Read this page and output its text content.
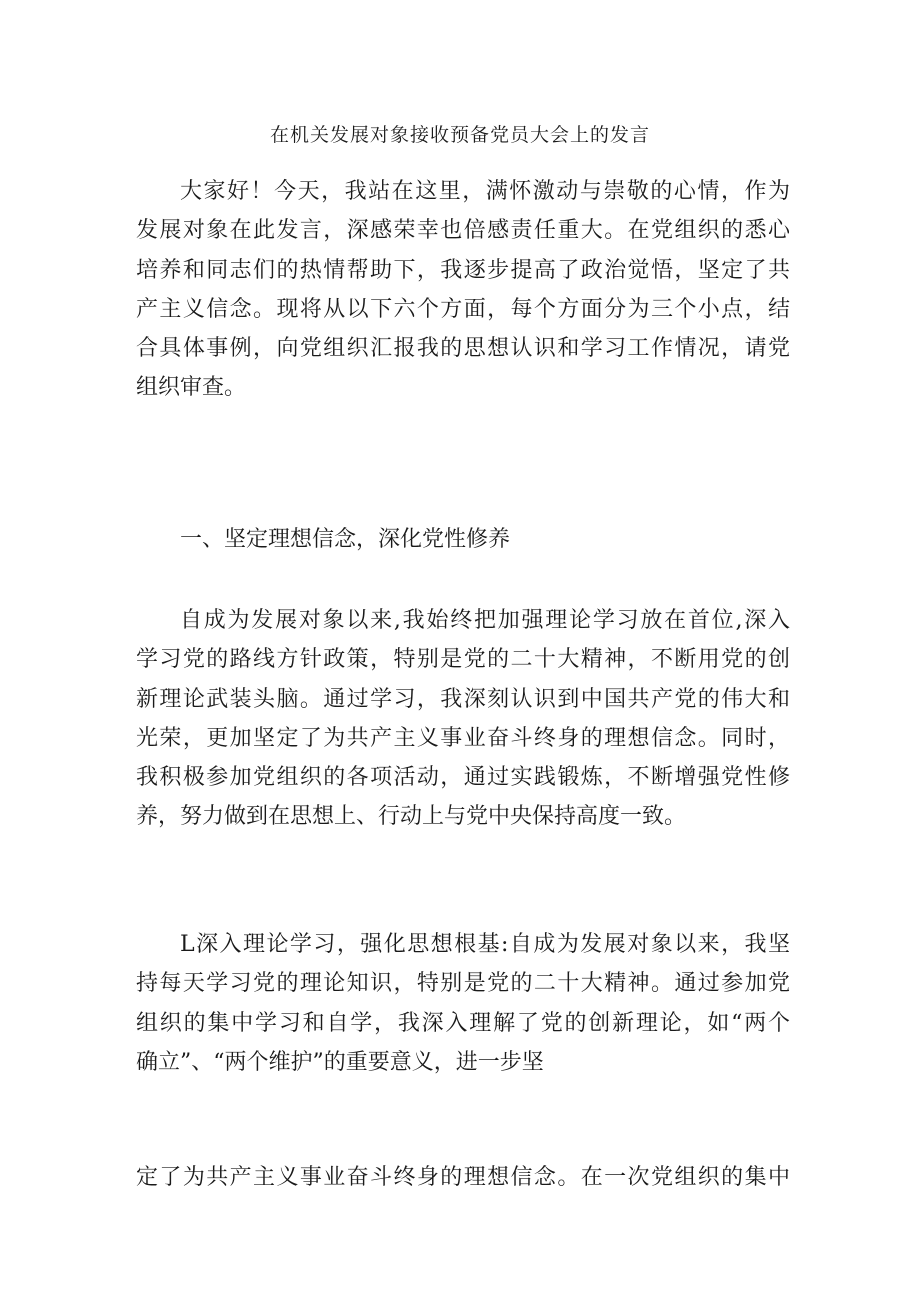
在机关发展对象接收预备党员大会上的发言
大家好！今天，我站在这里，满怀激动与崇敬的心情，作为
发展对象在此发言，深感荣幸也倍感责任重大。在党组织的悉心
培养和同志们的热情帮助下，我逐步提高了政治觉悟，坚定了共
产主义信念。现将从以下六个方面，每个方面分为三个小点，结
合具体事例，向党组织汇报我的思想认识和学习工作情况，请党
组织审查。
一、坚定理想信念，深化党性修养
自成为发展对象以来,我始终把加强理论学习放在首位,深入
学习党的路线方针政策，特别是党的二十大精神，不断用党的创
新理论武装头脑。通过学习，我深刻认识到中国共产党的伟大和
光荣，更加坚定了为共产主义事业奋斗终身的理想信念。同时，
我积极参加党组织的各项活动，通过实践锻炼，不断增强党性修
养，努力做到在思想上、行动上与党中央保持高度一致。
L深入理论学习，强化思想根基:自成为发展对象以来，我坚
持每天学习党的理论知识，特别是党的二十大精神。通过参加党
组织的集中学习和自学，我深入理解了党的创新理论，如“两个
确立”、“两个维护”的重要意义，进一步坚
定了为共产主义事业奋斗终身的理想信念。在一次党组织的集中
